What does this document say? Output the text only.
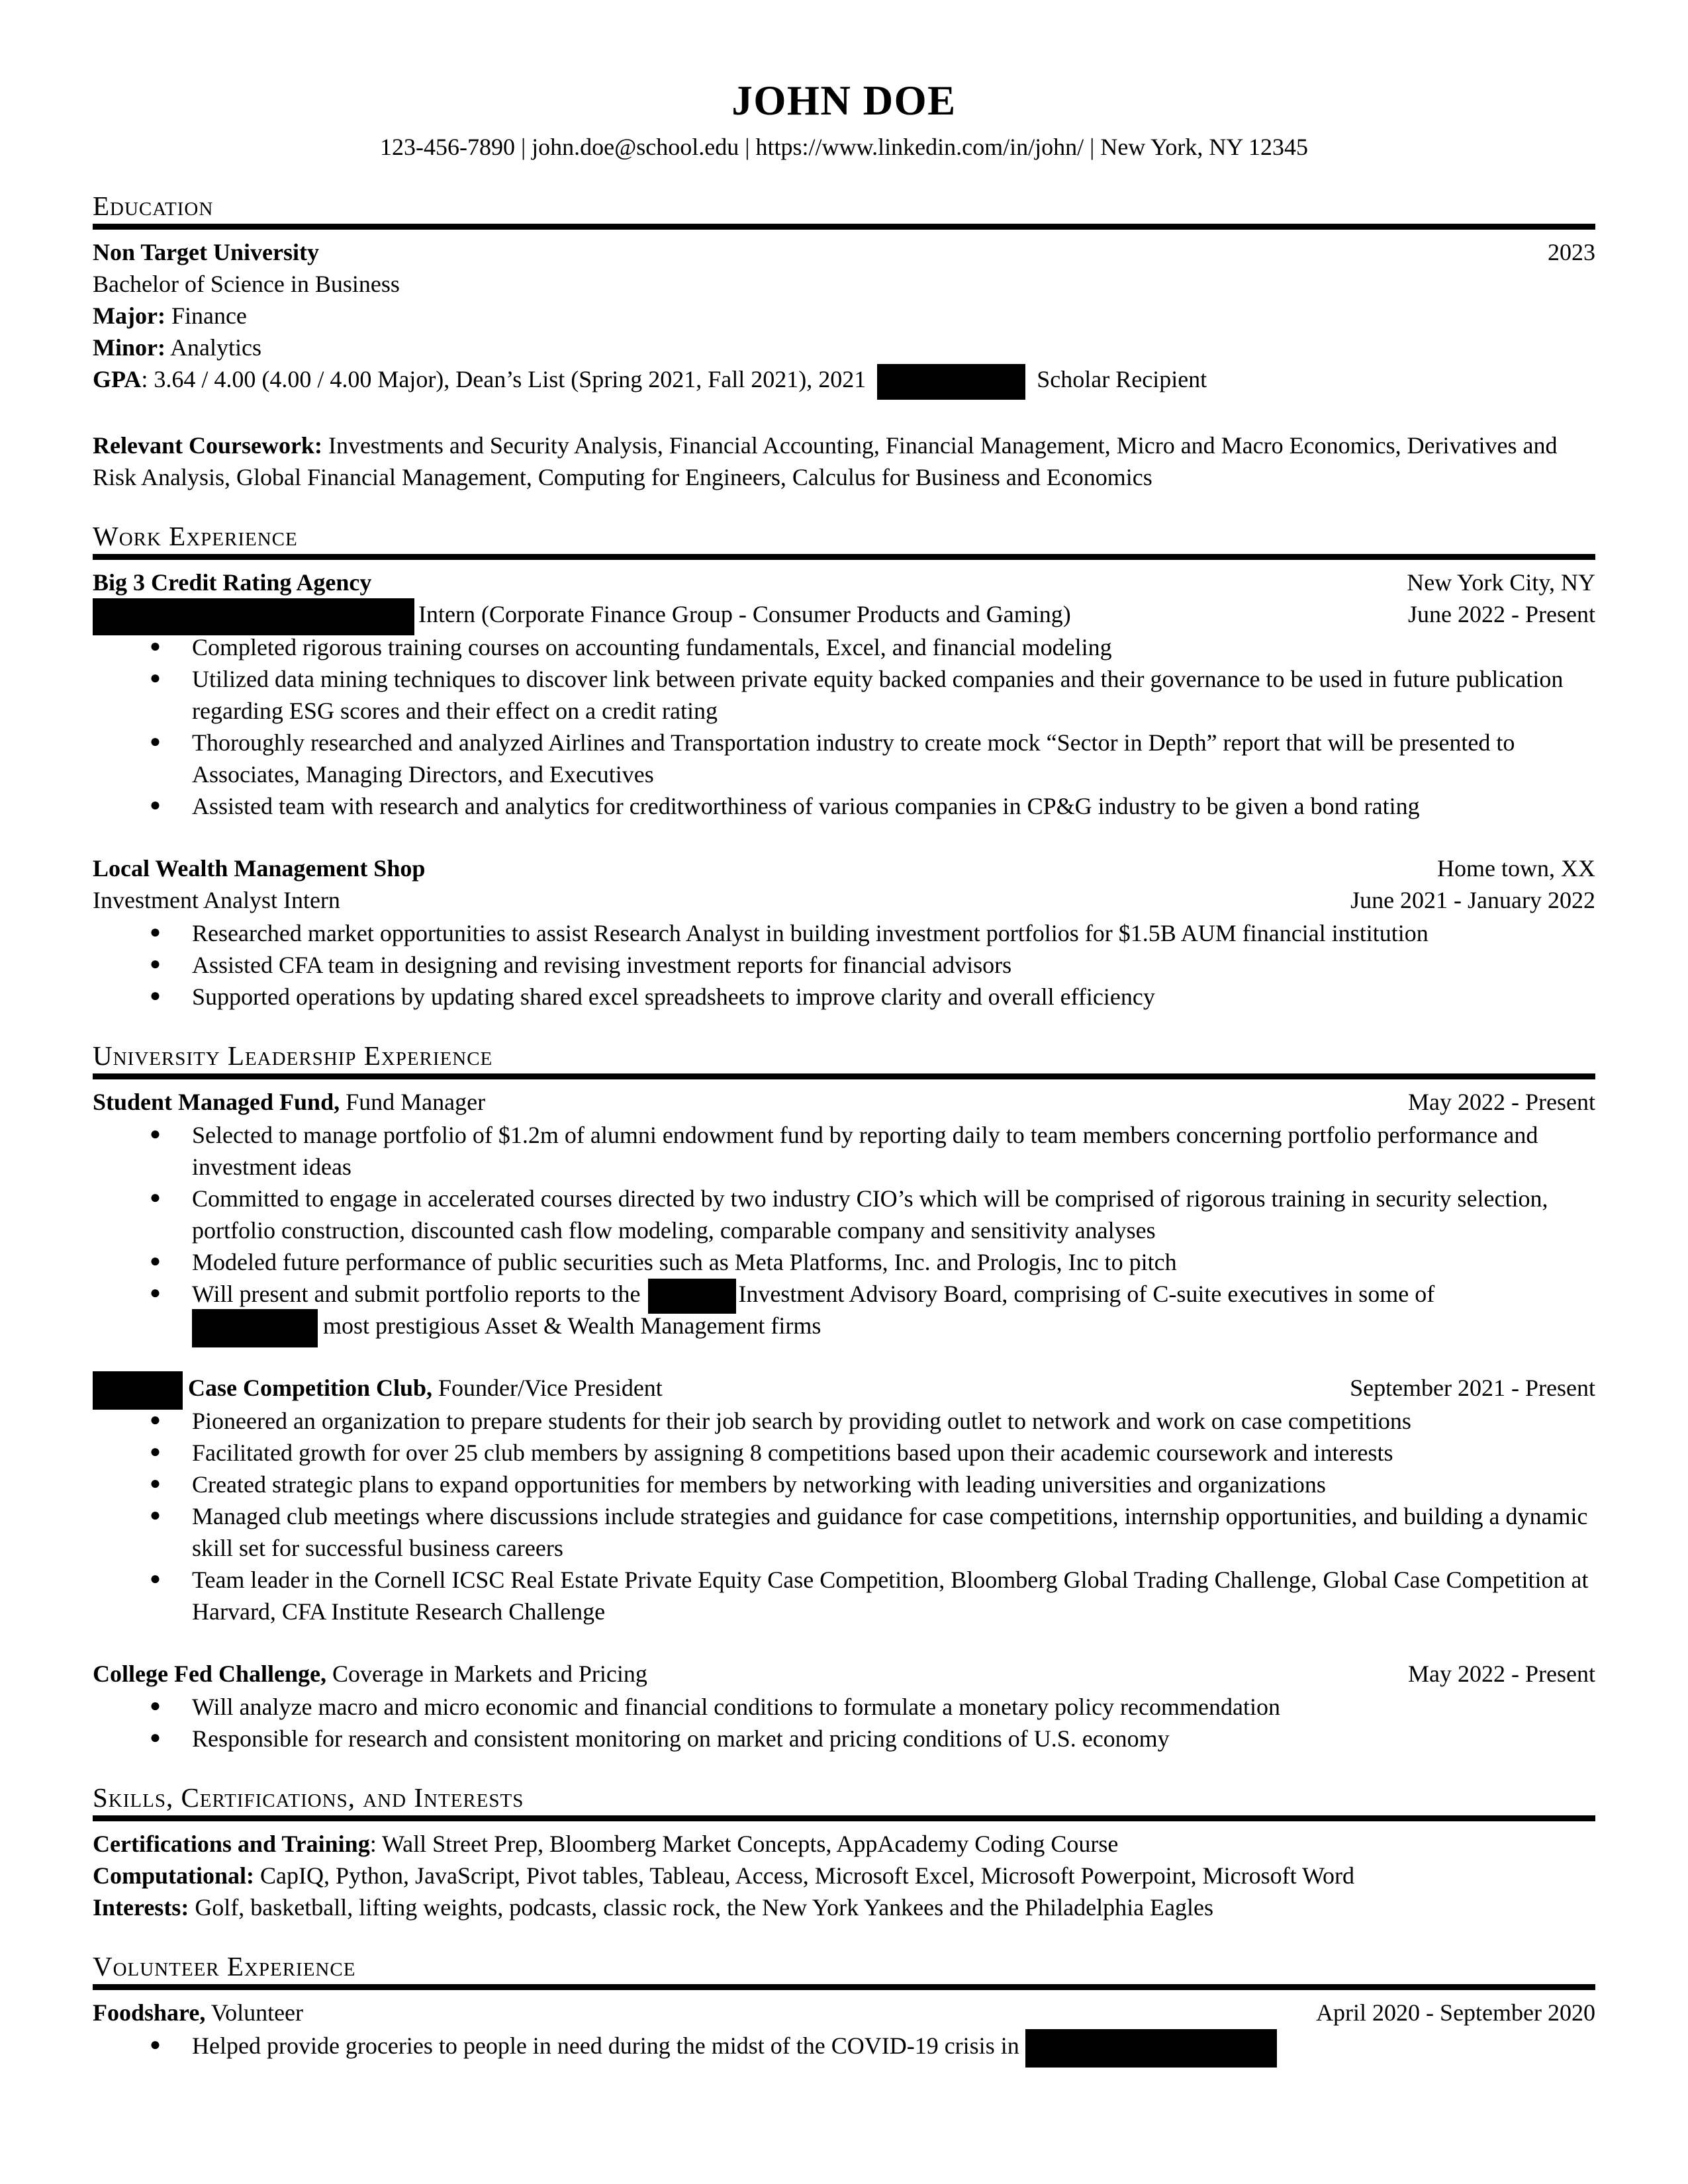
JOHN DOE

123-456-7890 | john.doe@school.edu | https://www.linkedin.com/in/john/ | New York, NY 12345

Education
Non Target University	2023
Bachelor of Science in Business
Major: Finance
Minor: Analytics
GPA: 3.64 / 4.00 (4.00 / 4.00 Major), Dean’s List (Spring 2021, Fall 2021), 2021	Scholar Recipient
Relevant Coursework: Investments and Security Analysis, Financial Accounting, Financial Management, Micro and Macro Economics, Derivatives and Risk Analysis, Global Financial Management, Computing for Engineers, Calculus for Business and Economics
Work Experience
Big 3 Credit Rating Agency	New York City, NY
Intern (Corporate Finance Group - Consumer Products and Gaming)	June 2022 - Present
● Completed rigorous training courses on accounting fundamentals, Excel, and financial modeling
● Utilized data mining techniques to discover link between private equity backed companies and their governance to be used in future publication regarding ESG scores and their effect on a credit rating
● Thoroughly researched and analyzed Airlines and Transportation industry to create mock “Sector in Depth” report that will be presented to Associates, Managing Directors, and Executives
● Assisted team with research and analytics for creditworthiness of various companies in CP&G industry to be given a bond rating
Local Wealth Management Shop	Home town, XX
Investment Analyst Intern	June 2021 - January 2022
● Researched market opportunities to assist Research Analyst in building investment portfolios for $1.5B AUM financial institution
● Assisted CFA team in designing and revising investment reports for financial advisors
● Supported operations by updating shared excel spreadsheets to improve clarity and overall efficiency
University Leadership Experience
Student Managed Fund, Fund Manager	May 2022 - Present
● Selected to manage portfolio of $1.2m of alumni endowment fund by reporting daily to team members concerning portfolio performance and investment ideas
● Committed to engage in accelerated courses directed by two industry CIO’s which will be comprised of rigorous training in security selection, portfolio construction, discounted cash flow modeling, comparable company and sensitivity analyses
● Modeled future performance of public securities such as Meta Platforms, Inc. and Prologis, Inc to pitch
● Will present and submit portfolio reports to the	Investment Advisory Board, comprising of C-suite executives in some of
most prestigious Asset & Wealth Management firms
Case Competition Club, Founder/Vice President	September 2021 - Present
● Pioneered an organization to prepare students for their job search by providing outlet to network and work on case competitions
● Facilitated growth for over 25 club members by assigning 8 competitions based upon their academic coursework and interests
● Created strategic plans to expand opportunities for members by networking with leading universities and organizations
● Managed club meetings where discussions include strategies and guidance for case competitions, internship opportunities, and building a dynamic skill set for successful business careers
● Team leader in the Cornell ICSC Real Estate Private Equity Case Competition, Bloomberg Global Trading Challenge, Global Case Competition at Harvard, CFA Institute Research Challenge
College Fed Challenge, Coverage in Markets and Pricing	May 2022 - Present
● Will analyze macro and micro economic and financial conditions to formulate a monetary policy recommendation
● Responsible for research and consistent monitoring on market and pricing conditions of U.S. economy
Skills, Certifications, and Interests
Certifications and Training: Wall Street Prep, Bloomberg Market Concepts, AppAcademy Coding Course
Computational: CapIQ, Python, JavaScript, Pivot tables, Tableau, Access, Microsoft Excel, Microsoft Powerpoint, Microsoft Word
Interests: Golf, basketball, lifting weights, podcasts, classic rock, the New York Yankees and the Philadelphia Eagles
Volunteer Experience
Foodshare, Volunteer	April 2020 - September 2020
● Helped provide groceries to people in need during the midst of the COVID-19 crisis in
